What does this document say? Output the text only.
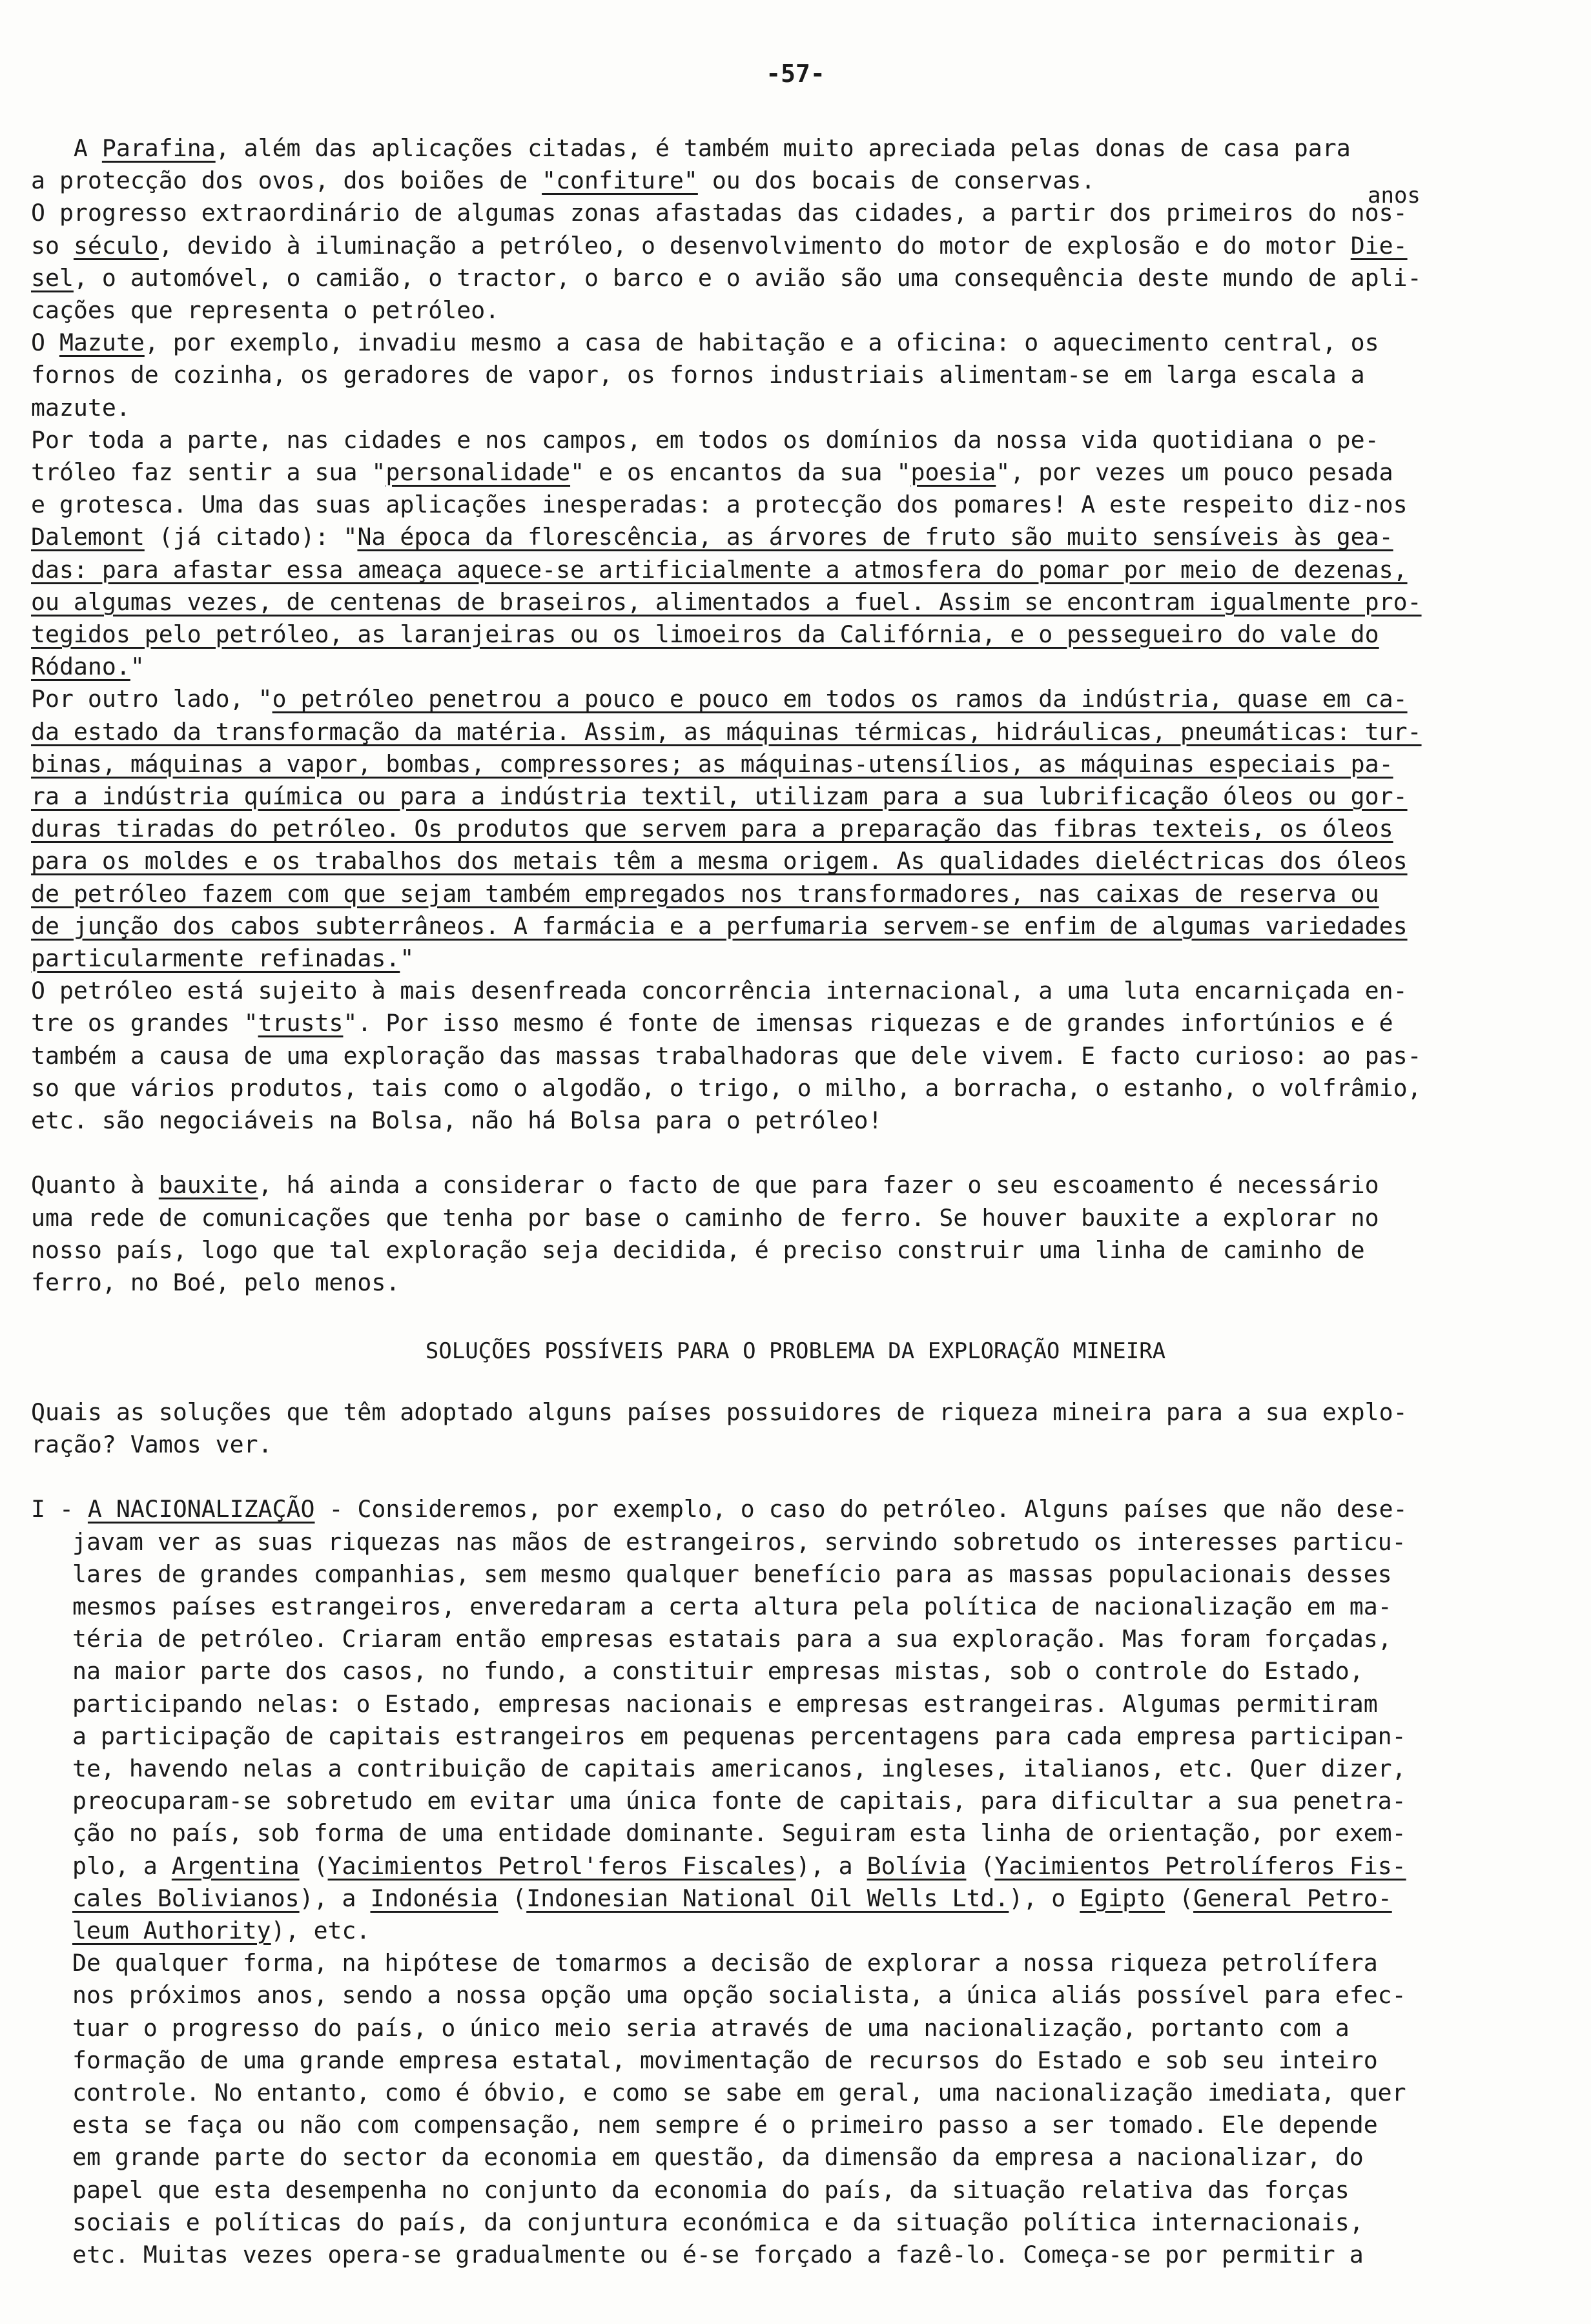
-57-
anos
A Parafina, além das aplicações citadas, é também muito apreciada pelas donas de casa para
a protecção dos ovos, dos boiões de "confiture" ou dos bocais de conservas.
O progresso extraordinário de algumas zonas afastadas das cidades, a partir dos primeiros do nos-
so século, devido à iluminação a petróleo, o desenvolvimento do motor de explosão e do motor Die-
sel, o automóvel, o camião, o tractor, o barco e o avião são uma consequência deste mundo de apli-
cações que representa o petróleo.
O Mazute, por exemplo, invadiu mesmo a casa de habitação e a oficina: o aquecimento central, os
fornos de cozinha, os geradores de vapor, os fornos industriais alimentam-se em larga escala a
mazute.
Por toda a parte, nas cidades e nos campos, em todos os domínios da nossa vida quotidiana o pe-
tróleo faz sentir a sua "personalidade" e os encantos da sua "poesia", por vezes um pouco pesada
e grotesca. Uma das suas aplicações inesperadas: a protecção dos pomares! A este respeito diz-nos
Dalemont (já citado): "Na época da florescência, as árvores de fruto são muito sensíveis às gea-
das: para afastar essa ameaça aquece-se artificialmente a atmosfera do pomar por meio de dezenas,
ou algumas vezes, de centenas de braseiros, alimentados a fuel. Assim se encontram igualmente pro-
tegidos pelo petróleo, as laranjeiras ou os limoeiros da Califórnia, e o pessegueiro do vale do
Ródano."
Por outro lado, "o petróleo penetrou a pouco e pouco em todos os ramos da indústria, quase em ca-
da estado da transformação da matéria. Assim, as máquinas térmicas, hidráulicas, pneumáticas: tur-
binas, máquinas a vapor, bombas, compressores; as máquinas-utensílios, as máquinas especiais pa-
ra a indústria química ou para a indústria textil, utilizam para a sua lubrificação óleos ou gor-
duras tiradas do petróleo. Os produtos que servem para a preparação das fibras texteis, os óleos
para os moldes e os trabalhos dos metais têm a mesma origem. As qualidades dieléctricas dos óleos
de petróleo fazem com que sejam também empregados nos transformadores, nas caixas de reserva ou
de junção dos cabos subterrâneos. A farmácia e a perfumaria servem-se enfim de algumas variedades
particularmente refinadas."
O petróleo está sujeito à mais desenfreada concorrência internacional, a uma luta encarniçada en-
tre os grandes "trusts". Por isso mesmo é fonte de imensas riquezas e de grandes infortúnios e é
também a causa de uma exploração das massas trabalhadoras que dele vivem. E facto curioso: ao pas-
so que vários produtos, tais como o algodão, o trigo, o milho, a borracha, o estanho, o volfrâmio,
etc. são negociáveis na Bolsa, não há Bolsa para o petróleo!
Quanto à bauxite, há ainda a considerar o facto de que para fazer o seu escoamento é necessário
uma rede de comunicações que tenha por base o caminho de ferro. Se houver bauxite a explorar no
nosso país, logo que tal exploração seja decidida, é preciso construir uma linha de caminho de
ferro, no Boé, pelo menos.
Quais as soluções que têm adoptado alguns países possuidores de riqueza mineira para a sua explo-
ração? Vamos ver.
I - A NACIONALIZAÇÃO - Consideremos, por exemplo, o caso do petróleo. Alguns países que não dese-
javam ver as suas riquezas nas mãos de estrangeiros, servindo sobretudo os interesses particu-
lares de grandes companhias, sem mesmo qualquer benefício para as massas populacionais desses
mesmos países estrangeiros, enveredaram a certa altura pela política de nacionalização em ma-
téria de petróleo. Criaram então empresas estatais para a sua exploração. Mas foram forçadas,
na maior parte dos casos, no fundo, a constituir empresas mistas, sob o controle do Estado,
participando nelas: o Estado, empresas nacionais e empresas estrangeiras. Algumas permitiram
a participação de capitais estrangeiros em pequenas percentagens para cada empresa participan-
te, havendo nelas a contribuição de capitais americanos, ingleses, italianos, etc. Quer dizer,
preocuparam-se sobretudo em evitar uma única fonte de capitais, para dificultar a sua penetra-
ção no país, sob forma de uma entidade dominante. Seguiram esta linha de orientação, por exem-
plo, a Argentina (Yacimientos Petrol'feros Fiscales), a Bolívia (Yacimientos Petrolíferos Fis-
cales Bolivianos), a Indonésia (Indonesian National Oil Wells Ltd.), o Egipto (General Petro-
leum Authority), etc.
De qualquer forma, na hipótese de tomarmos a decisão de explorar a nossa riqueza petrolífera
nos próximos anos, sendo a nossa opção uma opção socialista, a única aliás possível para efec-
tuar o progresso do país, o único meio seria através de uma nacionalização, portanto com a
formação de uma grande empresa estatal, movimentação de recursos do Estado e sob seu inteiro
controle. No entanto, como é óbvio, e como se sabe em geral, uma nacionalização imediata, quer
esta se faça ou não com compensação, nem sempre é o primeiro passo a ser tomado. Ele depende
em grande parte do sector da economia em questão, da dimensão da empresa a nacionalizar, do
papel que esta desempenha no conjunto da economia do país, da situação relativa das forças
sociais e políticas do país, da conjuntura económica e da situação política internacionais,
etc. Muitas vezes opera-se gradualmente ou é-se forçado a fazê-lo. Começa-se por permitir a
SOLUÇÕES POSSÍVEIS PARA O PROBLEMA DA EXPLORAÇÃO MINEIRA
